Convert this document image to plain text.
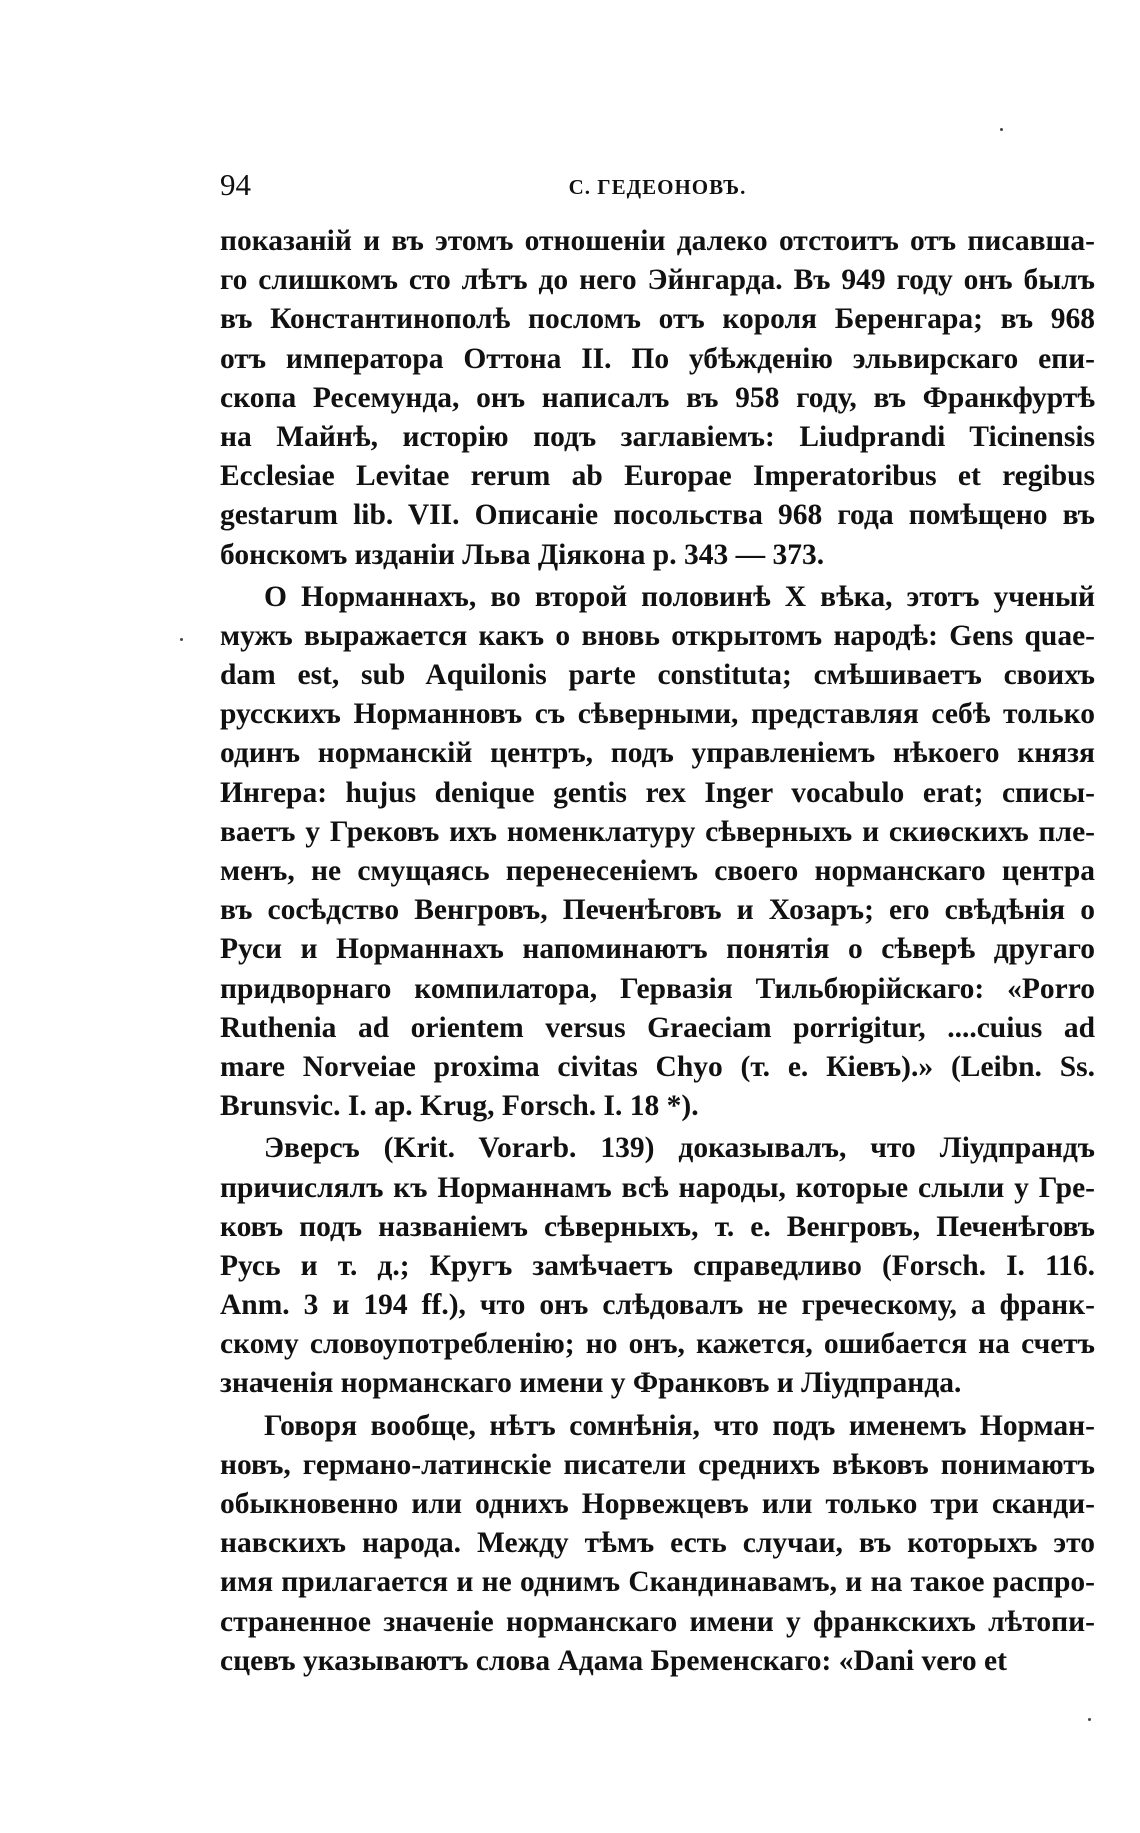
94	С. ГЕДЕОНОВЪ.
показаній и въ этомъ отношеніи далеко отстоитъ отъ писавша-
го слишкомъ сто лѣтъ до него Эйнгарда. Въ 949 году онъ былъ
въ Константинополѣ посломъ отъ короля Беренгара; въ 968
отъ императора Оттона II. По убѣжденію эльвирскаго епи-
скопа Ресемунда, онъ написалъ въ 958 году, въ Франкфуртѣ
на Майнѣ, исторію подъ заглавіемъ: Liudprandi Ticinensis
Ecclesiae Levitae rerum ab Europae Imperatoribus et regibus
gestarum lib. VII. Описаніе посольства 968 года помѣщено въ
бонскомъ изданіи Льва Діякона р. 343 — 373.
О Норманнахъ, во второй половинѣ X вѣка, этотъ ученый
мужъ выражается какъ о вновь открытомъ народѣ: Gens quae-
dam est, sub Aquilonis parte constituta; смѣшиваетъ своихъ
русскихъ Норманновъ съ сѣверными, представляя себѣ только
одинъ норманскій центръ, подъ управленіемъ нѣкоего князя
Ингера: hujus denique gentis rex Inger vocabulo erat; списы-
ваетъ у Грековъ ихъ номенклатуру сѣверныхъ и скиѳскихъ пле-
менъ, не смущаясь перенесеніемъ своего норманскаго центра
въ сосѣдство Венгровъ, Печенѣговъ и Хозаръ; его свѣдѣнія о
Руси и Норманнахъ напоминаютъ понятія о сѣверѣ другаго
придворнаго компилатора, Гервазія Тильбюрійскаго: «Porro
Ruthenia ad orientem versus Graeciam porrigitur, ....cuius ad
mare Norveiae proxima civitas Chyo (т. е. Кіевъ).» (Leibn. Ss.
Brunsvic. I. ap. Krug, Forsch. I. 18 *).
Эверсъ (Krit. Vorarb. 139) доказывалъ, что Ліудпрандъ
причислялъ къ Норманнамъ всѣ народы, которые слыли у Гре-
ковъ подъ названіемъ сѣверныхъ, т. е. Венгровъ, Печенѣговъ
Русь и т. д.; Кругъ замѣчаетъ справедливо (Forsch. I. 116.
Anm. 3 и 194 ff.), что онъ слѣдовалъ не греческому, а франк-
скому словоупотребленію; но онъ, кажется, ошибается на счетъ
значенія норманскаго имени у Франковъ и Ліудпранда.
Говоря вообще, нѣтъ сомнѣнія, что подъ именемъ Норман-
новъ, германо-латинскіе писатели среднихъ вѣковъ понимаютъ
обыкновенно или однихъ Норвежцевъ или только три сканди-
навскихъ народа. Между тѣмъ есть случаи, въ которыхъ это
имя прилагается и не однимъ Скандинавамъ, и на такое распро-
страненное значеніе норманскаго имени у франкскихъ лѣтопи-
сцевъ указываютъ слова Адама Бременскаго: «Dani vero et
